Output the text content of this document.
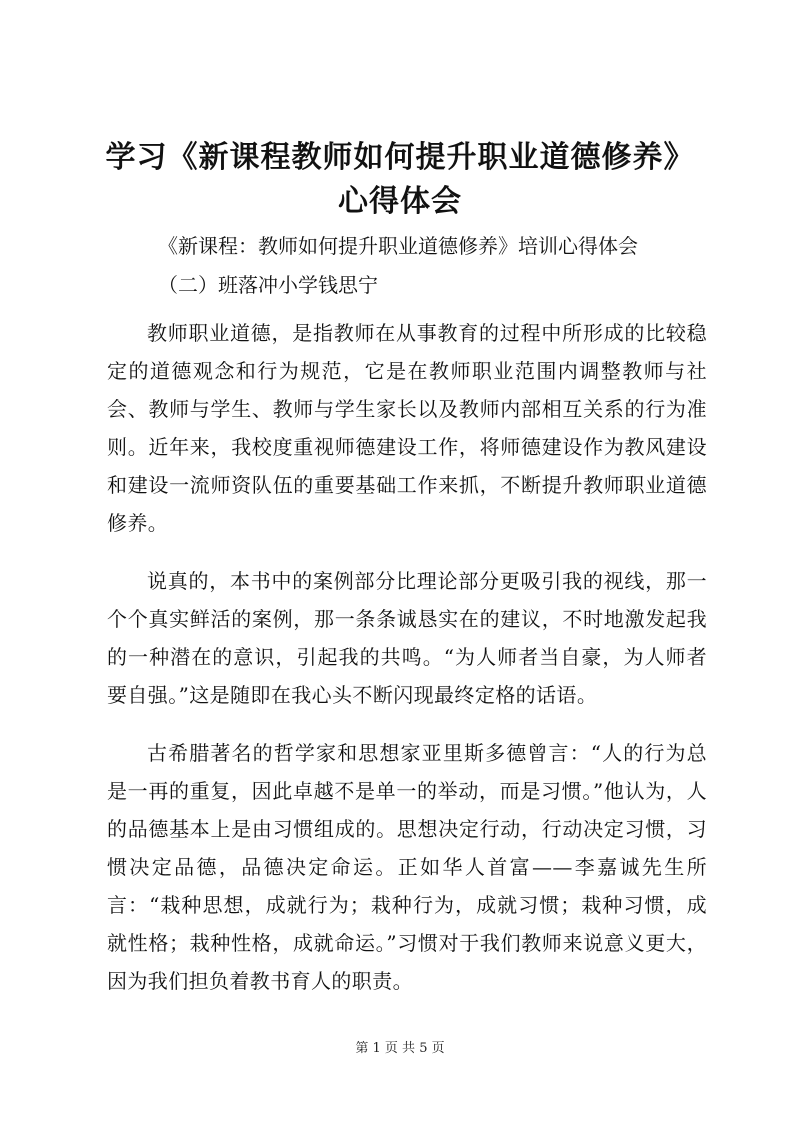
学习《新课程教师如何提升职业道德修养》心得体会

《新课程：教师如何提升职业道德修养》培训心得体会

（二）班落冲小学钱思宁

教师职业道德，是指教师在从事教育的过程中所形成的比较稳定的道德观念和行为规范，它是在教师职业范围内调整教师与社会、教师与学生、教师与学生家长以及教师内部相互关系的行为准则。近年来，我校度重视师德建设工作，将师德建设作为教风建设和建设一流师资队伍的重要基础工作来抓，不断提升教师职业道德修养。

说真的，本书中的案例部分比理论部分更吸引我的视线，那一个个真实鲜活的案例，那一条条诚恳实在的建议，不时地激发起我的一种潜在的意识，引起我的共鸣。“为人师者当自豪，为人师者要自强。”这是随即在我心头不断闪现最终定格的话语。

古希腊著名的哲学家和思想家亚里斯多德曾言：“人的行为总是一再的重复，因此卓越不是单一的举动，而是习惯。”他认为，人的品德基本上是由习惯组成的。思想决定行动，行动决定习惯，习惯决定品德，品德决定命运。正如华人首富——李嘉诚先生所言：“栽种思想，成就行为；栽种行为，成就习惯；栽种习惯，成就性格；栽种性格，成就命运。”习惯对于我们教师来说意义更大，因为我们担负着教书育人的职责。

第 1 页 共 5 页
